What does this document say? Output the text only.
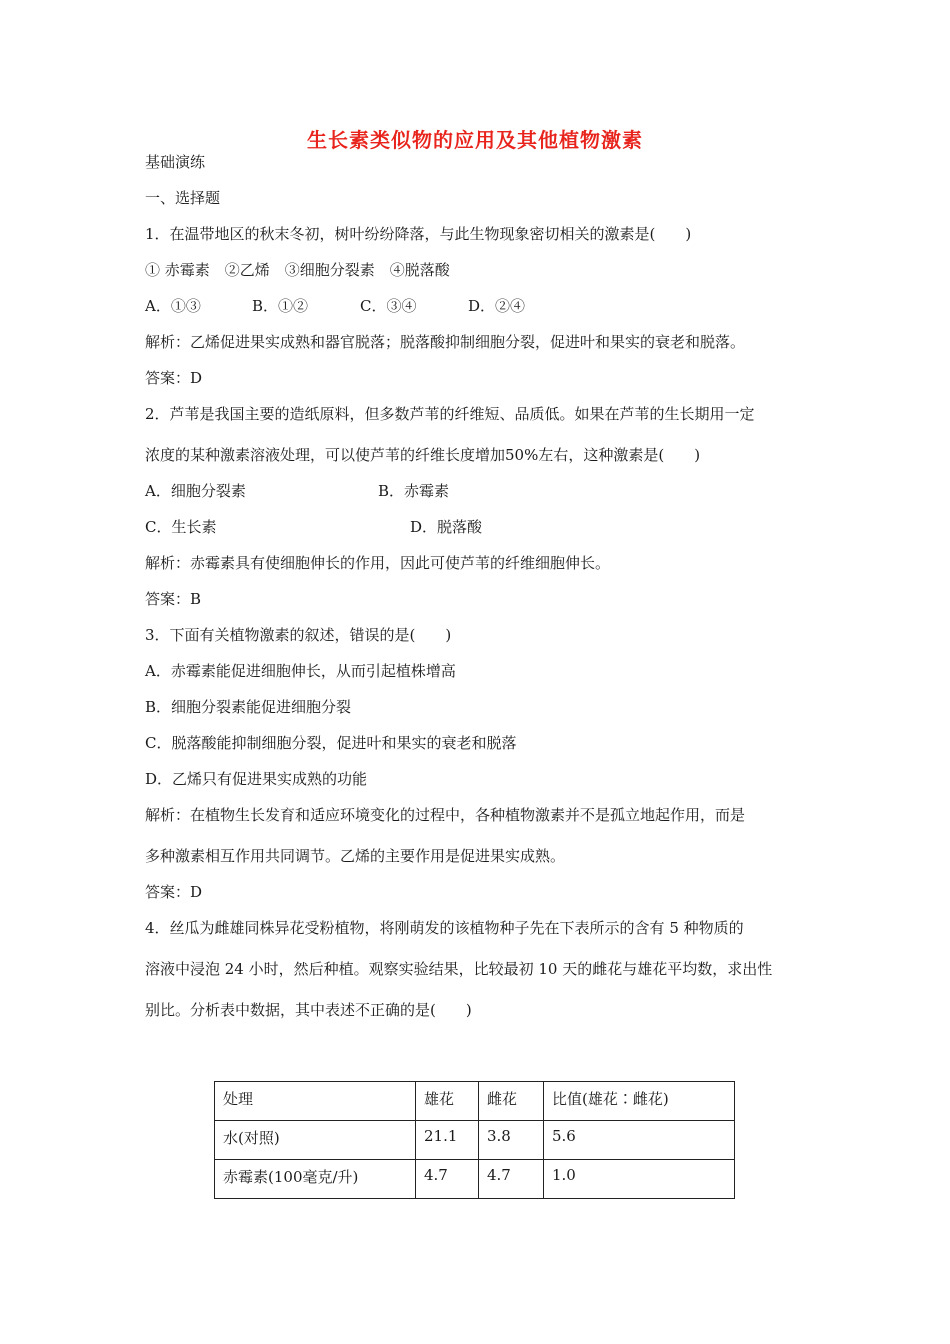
生长素类似物的应用及其他植物激素
基础演练
一、选择题
1．在温带地区的秋末冬初，树叶纷纷降落，与此生物现象密切相关的激素是(　　)
① 赤霉素　②乙烯　③细胞分裂素　④脱落酸
A．①③	B．①②	C．③④	D．②④
解析：乙烯促进果实成熟和器官脱落；脱落酸抑制细胞分裂，促进叶和果实的衰老和脱落。
答案：D
2．芦苇是我国主要的造纸原料，但多数芦苇的纤维短、品质低。如果在芦苇的生长期用一定
浓度的某种激素溶液处理，可以使芦苇的纤维长度增加50%左右，这种激素是(　　)
A．细胞分裂素	B．赤霉素
C．生长素	D．脱落酸
解析：赤霉素具有使细胞伸长的作用，因此可使芦苇的纤维细胞伸长。
答案：B
3．下面有关植物激素的叙述，错误的是(　　)
A．赤霉素能促进细胞伸长，从而引起植株增高
B．细胞分裂素能促进细胞分裂
C．脱落酸能抑制细胞分裂，促进叶和果实的衰老和脱落
D．乙烯只有促进果实成熟的功能
解析：在植物生长发育和适应环境变化的过程中，各种植物激素并不是孤立地起作用，而是
多种激素相互作用共同调节。乙烯的主要作用是促进果实成熟。
答案：D
4．丝瓜为雌雄同株异花受粉植物，将刚萌发的该植物种子先在下表所示的含有 5 种物质的
溶液中浸泡 24 小时，然后种植。观察实验结果，比较最初 10 天的雌花与雄花平均数，求出性
别比。分析表中数据，其中表述不正确的是(　　)
处理	雄花	雌花	比值(雄花∶雌花)
水(对照)	21.1	3.8	5.6
赤霉素(100毫克/升)	4.7	4.7	1.0
